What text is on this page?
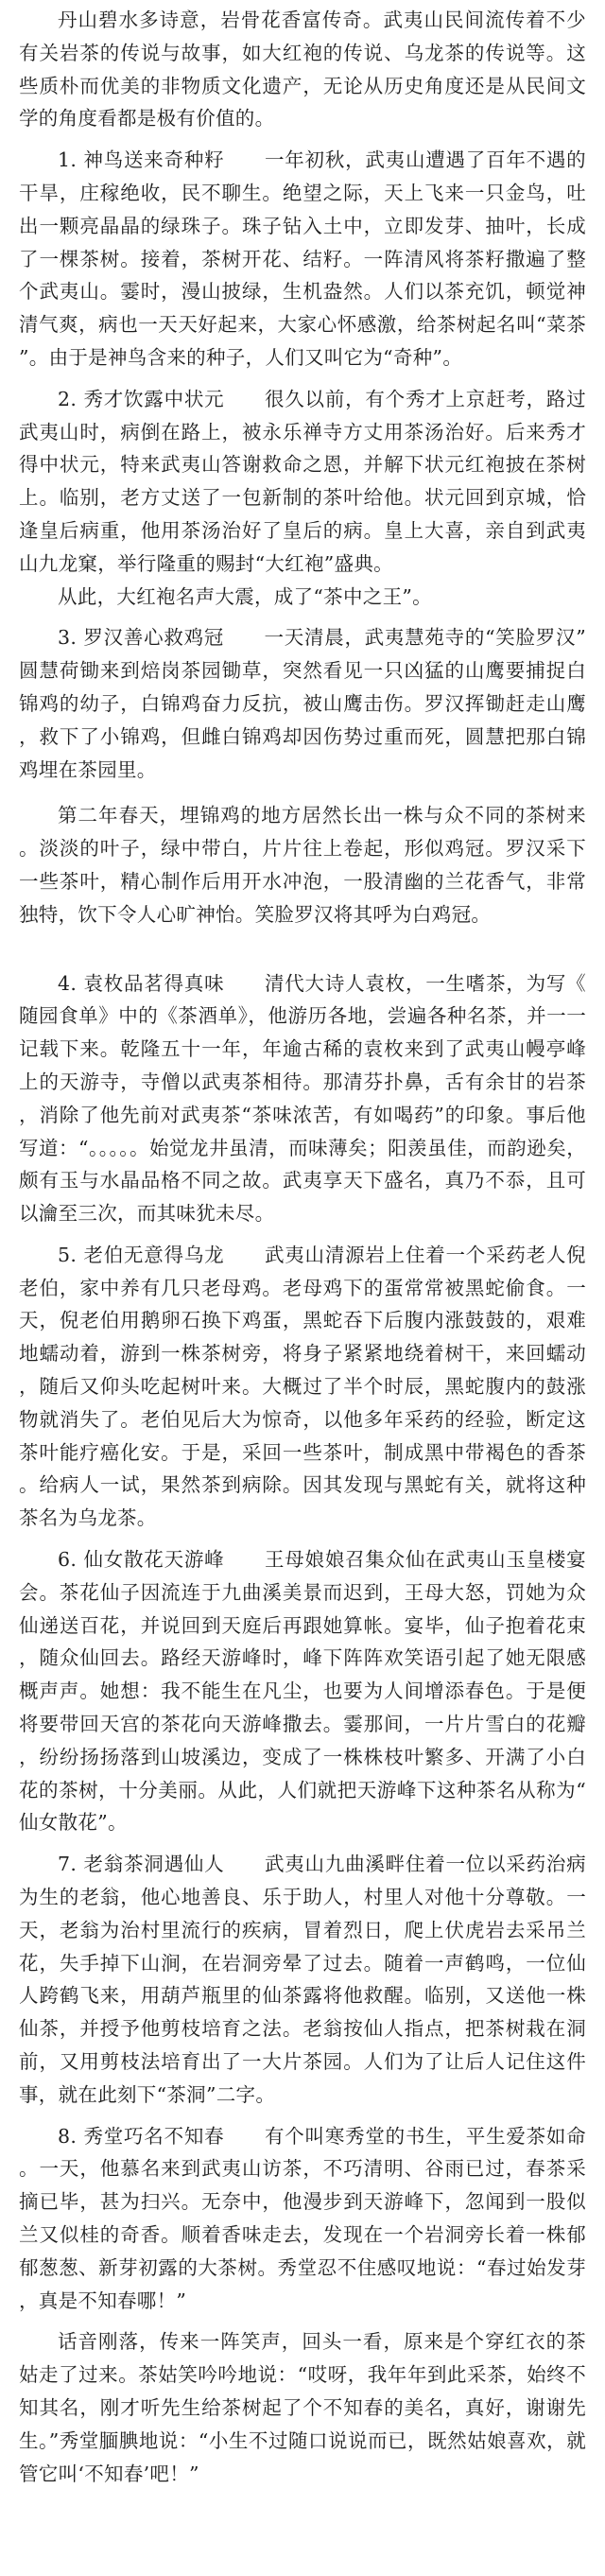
丹山碧水多诗意，岩骨花香富传奇。武夷山民间流传着不少有关岩茶的传说与故事，如大红袍的传说、乌龙茶的传说等。这些质朴而优美的非物质文化遗产，无论从历史角度还是从民间文学的角度看都是极有价值的。

1. 神鸟送来奇种籽　　 一年初秋，武夷山遭遇了百年不遇的干旱，庄稼绝收，民不聊生。绝望之际，天上飞来一只金鸟，吐出一颗亮晶晶的绿珠子。珠子钻入土中，立即发芽、抽叶，长成了一棵茶树。接着，茶树开花、结籽。一阵清风将茶籽撒遍了整个武夷山。霎时，漫山披绿，生机盎然。人们以茶充饥，顿觉神清气爽，病也一天天好起来，大家心怀感激，给茶树起名叫“菜茶”。由于是神鸟含来的种子，人们又叫它为“奇种”。

2. 秀才饮露中状元　　 很久以前，有个秀才上京赶考，路过武夷山时，病倒在路上，被永乐禅寺方丈用茶汤治好。后来秀才得中状元，特来武夷山答谢救命之恩，并解下状元红袍披在茶树上。临别，老方丈送了一包新制的茶叶给他。状元回到京城，恰逢皇后病重，他用茶汤治好了皇后的病。皇上大喜，亲自到武夷山九龙窠，举行隆重的赐封“大红袍”盛典。

从此，大红袍名声大震，成了“茶中之王”。

3. 罗汉善心救鸡冠　　 一天清晨，武夷慧苑寺的“笑脸罗汉”圆慧荷锄来到焙岗茶园锄草，突然看见一只凶猛的山鹰要捕捉白锦鸡的幼子，白锦鸡奋力反抗，被山鹰击伤。罗汉挥锄赶走山鹰，救下了小锦鸡，但雌白锦鸡却因伤势过重而死，圆慧把那白锦鸡埋在茶园里。

第二年春天，埋锦鸡的地方居然长出一株与众不同的茶树来。淡淡的叶子，绿中带白，片片往上卷起，形似鸡冠。罗汉采下一些茶叶，精心制作后用开水冲泡，一股清幽的兰花香气，非常独特，饮下令人心旷神怡。笑脸罗汉将其呼为白鸡冠。

4. 袁枚品茗得真味　　 清代大诗人袁枚，一生嗜茶，为写《随园食单》中的《茶酒单》，他游历各地，尝遍各种名茶，并一一记载下来。乾隆五十一年，年逾古稀的袁枚来到了武夷山幔亭峰上的天游寺，寺僧以武夷茶相待。那清芬扑鼻，舌有余甘的岩茶，消除了他先前对武夷茶“茶味浓苦，有如喝药”的印象。事后他写道：“。。。。。始觉龙井虽清，而味薄矣；阳羡虽佳，而韵逊矣，颇有玉与水晶品格不同之故。武夷享天下盛名，真乃不忝，且可以瀹至三次，而其味犹未尽。

5. 老伯无意得乌龙　　 武夷山清源岩上住着一个采药老人倪老伯，家中养有几只老母鸡。老母鸡下的蛋常常被黑蛇偷食。一天，倪老伯用鹅卵石换下鸡蛋，黑蛇吞下后腹内涨鼓鼓的，艰难地蠕动着，游到一株茶树旁，将身子紧紧地绕着树干，来回蠕动，随后又仰头吃起树叶来。大概过了半个时辰，黑蛇腹内的鼓涨物就消失了。老伯见后大为惊奇，以他多年采药的经验，断定这茶叶能疗癌化安。于是，采回一些茶叶，制成黑中带褐色的香茶。给病人一试，果然茶到病除。因其发现与黑蛇有关，就将这种茶名为乌龙茶。

6. 仙女散花天游峰　　 王母娘娘召集众仙在武夷山玉皇楼宴会。茶花仙子因流连于九曲溪美景而迟到，王母大怒，罚她为众仙递送百花，并说回到天庭后再跟她算帐。宴毕，仙子抱着花束，随众仙回去。路经天游峰时，峰下阵阵欢笑语引起了她无限感概声声。她想：我不能生在凡尘，也要为人间增添春色。于是便将要带回天宫的茶花向天游峰撒去。霎那间，一片片雪白的花瓣，纷纷扬扬落到山坡溪边，变成了一株株枝叶繁多、开满了小白花的茶树，十分美丽。从此，人们就把天游峰下这种茶名从称为“仙女散花”。

7. 老翁茶洞遇仙人　　 武夷山九曲溪畔住着一位以采药治病为生的老翁，他心地善良、乐于助人，村里人对他十分尊敬。一天，老翁为治村里流行的疾病，冒着烈日，爬上伏虎岩去采吊兰花，失手掉下山涧，在岩洞旁晕了过去。随着一声鹤鸣，一位仙人跨鹤飞来，用葫芦瓶里的仙茶露将他救醒。临别，又送他一株仙茶，并授予他剪枝培育之法。老翁按仙人指点，把茶树栽在洞前，又用剪枝法培育出了一大片茶园。人们为了让后人记住这件事，就在此刻下“茶洞”二字。

8. 秀堂巧名不知春　　 有个叫寒秀堂的书生，平生爱茶如命。一天，他慕名来到武夷山访茶，不巧清明、谷雨已过，春茶采摘已毕，甚为扫兴。无奈中，他漫步到天游峰下，忽闻到一股似兰又似桂的奇香。顺着香味走去，发现在一个岩洞旁长着一株郁郁葱葱、新芽初露的大茶树。秀堂忍不住感叹地说：“春过始发芽，真是不知春哪！”

话音刚落，传来一阵笑声，回头一看，原来是个穿红衣的茶姑走了过来。茶姑笑吟吟地说：“哎呀，我年年到此采茶，始终不知其名，刚才听先生给茶树起了个不知春的美名，真好，谢谢先生。”秀堂腼腆地说：“小生不过随口说说而已，既然姑娘喜欢，就管它叫‘不知春’吧！”
